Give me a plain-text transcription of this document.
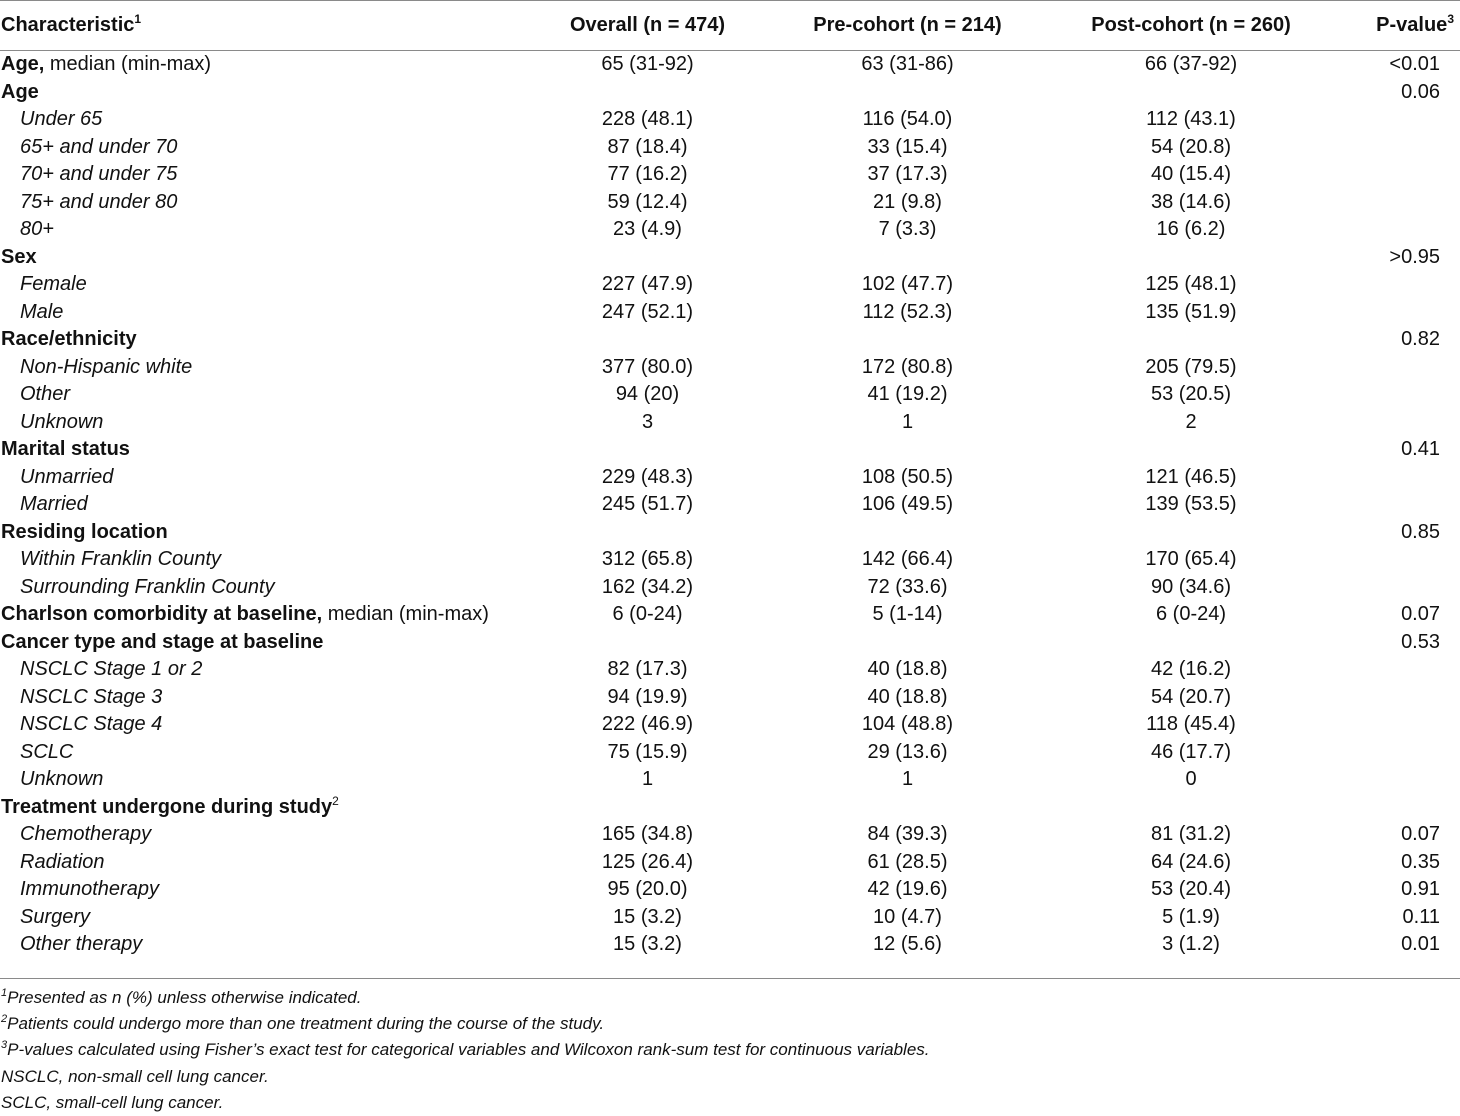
Characteristic$^1$	Overall (n = 474)	Pre-cohort (n = 214)	Post-cohort (n = 260)	P-value$^3$
Age, median (min-max)	65 (31-92)	63 (31-86)	66 (37-92)	<0.01
Age				0.06
Under 65	228 (48.1)	116 (54.0)	112 (43.1)	
65+ and under 70	87 (18.4)	33 (15.4)	54 (20.8)	
70+ and under 75	77 (16.2)	37 (17.3)	40 (15.4)	
75+ and under 80	59 (12.4)	21 (9.8)	38 (14.6)	
80+	23 (4.9)	7 (3.3)	16 (6.2)	
Sex				>0.95
Female	227 (47.9)	102 (47.7)	125 (48.1)	
Male	247 (52.1)	112 (52.3)	135 (51.9)	
Race/ethnicity				0.82
Non-Hispanic white	377 (80.0)	172 (80.8)	205 (79.5)	
Other	94 (20)	41 (19.2)	53 (20.5)	
Unknown	3	1	2	
Marital status				0.41
Unmarried	229 (48.3)	108 (50.5)	121 (46.5)	
Married	245 (51.7)	106 (49.5)	139 (53.5)	
Residing location				0.85
Within Franklin County	312 (65.8)	142 (66.4)	170 (65.4)	
Surrounding Franklin County	162 (34.2)	72 (33.6)	90 (34.6)	
Charlson comorbidity at baseline, median (min-max)	6 (0-24)	5 (1-14)	6 (0-24)	0.07
Cancer type and stage at baseline				0.53
NSCLC Stage 1 or 2	82 (17.3)	40 (18.8)	42 (16.2)	
NSCLC Stage 3	94 (19.9)	40 (18.8)	54 (20.7)	
NSCLC Stage 4	222 (46.9)	104 (48.8)	118 (45.4)	
SCLC	75 (15.9)	29 (13.6)	46 (17.7)	
Unknown	1	1	0	
Treatment undergone during study$^2$				
Chemotherapy	165 (34.8)	84 (39.3)	81 (31.2)	0.07
Radiation	125 (26.4)	61 (28.5)	64 (24.6)	0.35
Immunotherapy	95 (20.0)	42 (19.6)	53 (20.4)	0.91
Surgery	15 (3.2)	10 (4.7)	5 (1.9)	0.11
Other therapy	15 (3.2)	12 (5.6)	3 (1.2)	0.01
$^1$Presented as n (%) unless otherwise indicated.
$^2$Patients could undergo more than one treatment during the course of the study.
$^3$P-values calculated using Fisher’s exact test for categorical variables and Wilcoxon rank-sum test for continuous variables.
NSCLC, non-small cell lung cancer.
SCLC, small-cell lung cancer.
